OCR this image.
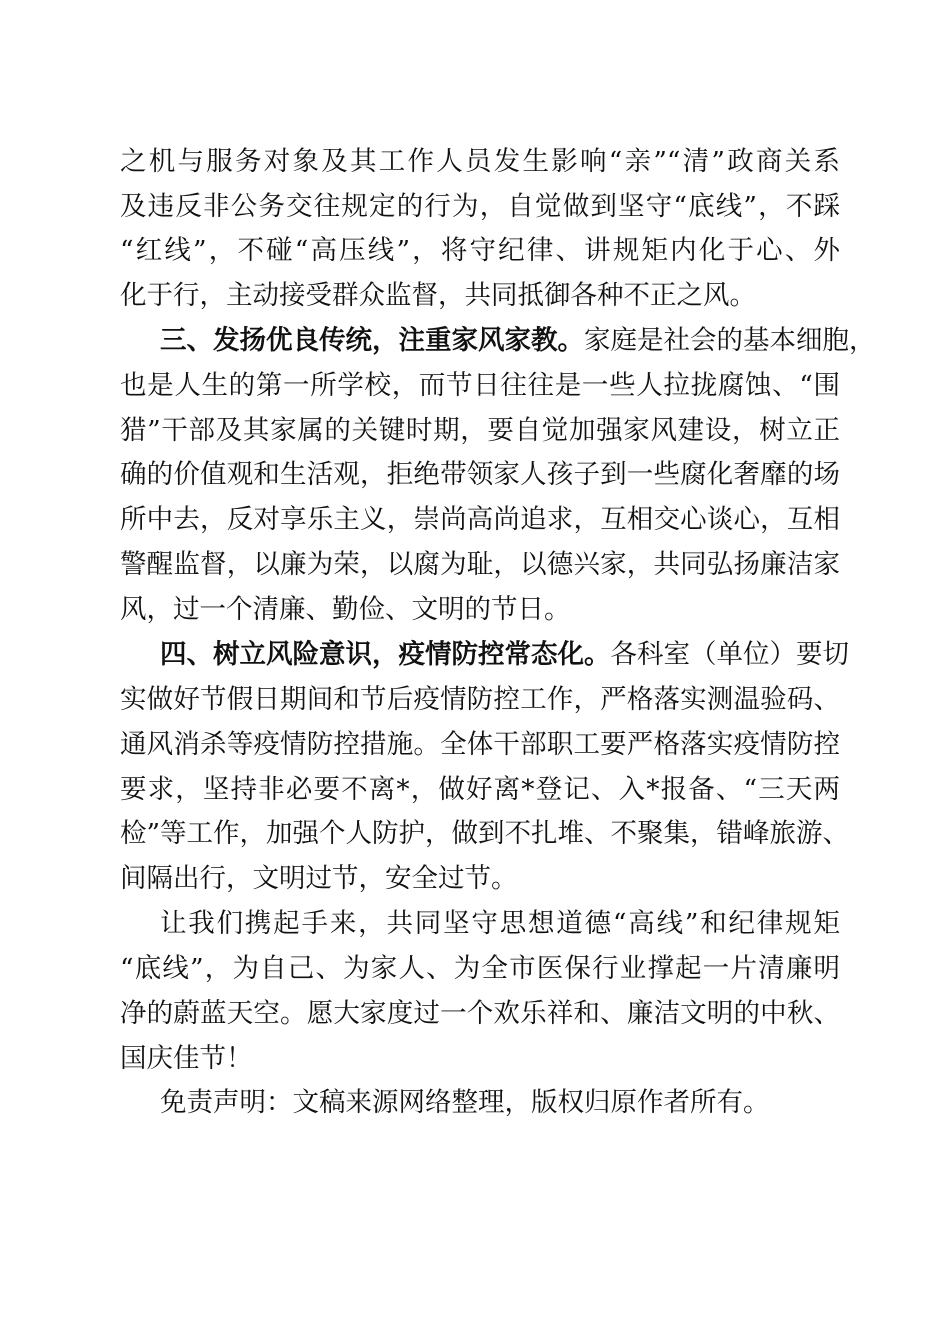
之机与服务对象及其工作人员发生影响“亲”“清”政商关系
及违反非公务交往规定的行为，自觉做到坚守“底线”，不踩
“红线”，不碰“高压线”，将守纪律、讲规矩内化于心、外
化于行，主动接受群众监督，共同抵御各种不正之风。
三、发扬优良传统，注重家风家教。家庭是社会的基本细胞，
也是人生的第一所学校，而节日往往是一些人拉拢腐蚀、“围
猎”干部及其家属的关键时期，要自觉加强家风建设，树立正
确的价值观和生活观，拒绝带领家人孩子到一些腐化奢靡的场
所中去，反对享乐主义，崇尚高尚追求，互相交心谈心，互相
警醒监督，以廉为荣，以腐为耻，以德兴家，共同弘扬廉洁家
风，过一个清廉、勤俭、文明的节日。
四、树立风险意识，疫情防控常态化。各科室（单位）要切
实做好节假日期间和节后疫情防控工作，严格落实测温验码、
通风消杀等疫情防控措施。全体干部职工要严格落实疫情防控
要求，坚持非必要不离*，做好离*登记、入*报备、“三天两
检”等工作，加强个人防护，做到不扎堆、不聚集，错峰旅游、
间隔出行，文明过节，安全过节。
让我们携起手来，共同坚守思想道德“高线”和纪律规矩
“底线”，为自己、为家人、为全市医保行业撑起一片清廉明
净的蔚蓝天空。愿大家度过一个欢乐祥和、廉洁文明的中秋、
国庆佳节！
免责声明：文稿来源网络整理，版权归原作者所有。
